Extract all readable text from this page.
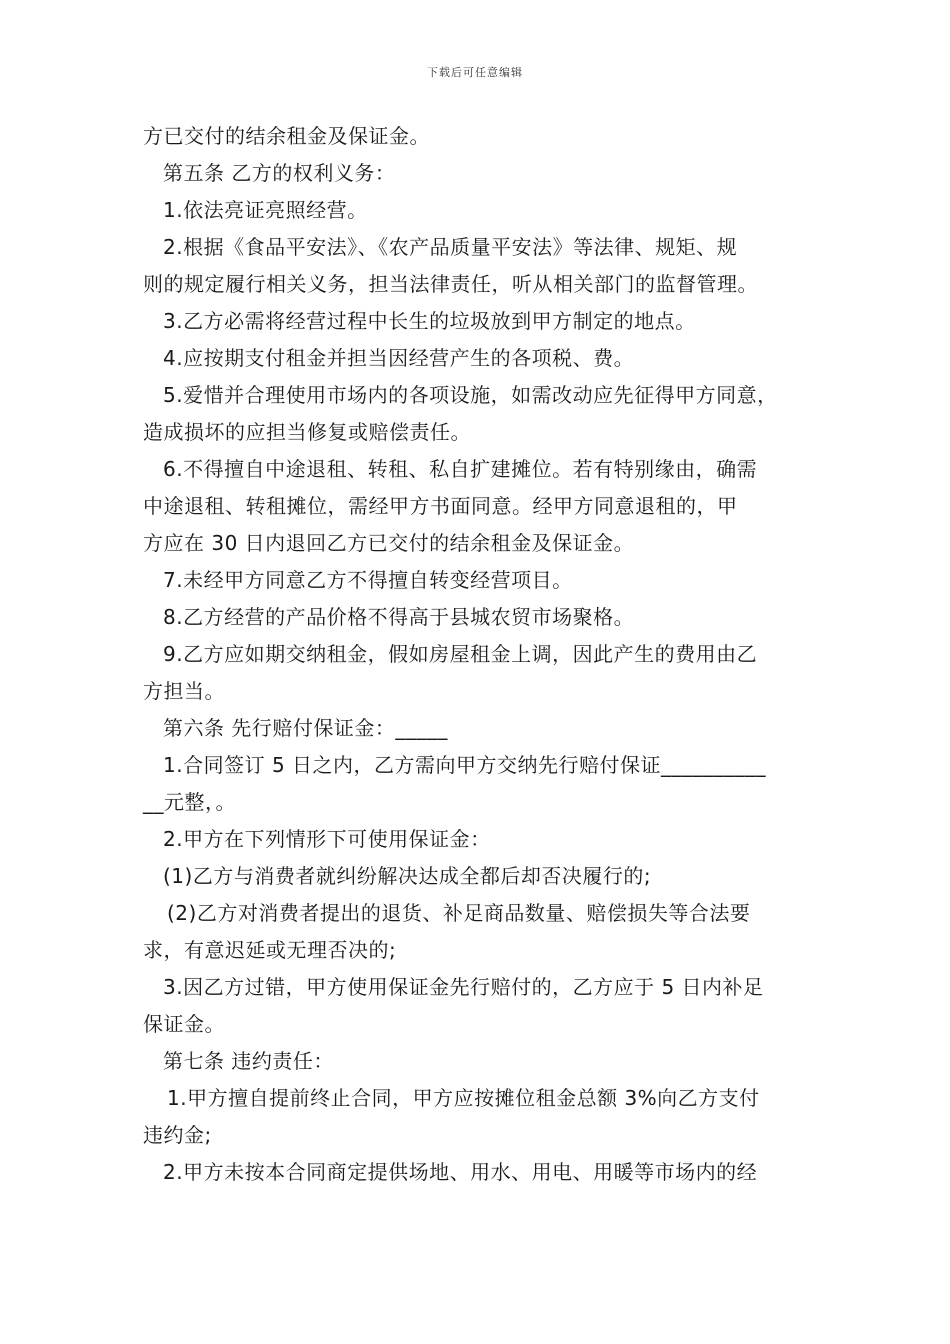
下载后可任意编辑
方已交付的结余租金及保证金。
第五条 乙方的权利义务：
1.依法亮证亮照经营。
2.根据《食品平安法》、《农产品质量平安法》等法律、规矩、规
则的规定履行相关义务，担当法律责任，听从相关部门的监督管理。
3.乙方必需将经营过程中长生的垃圾放到甲方制定的地点。
4.应按期支付租金并担当因经营产生的各项税、费。
5.爱惜并合理使用市场内的各项设施，如需改动应先征得甲方同意，
造成损坏的应担当修复或赔偿责任。
6.不得擅自中途退租、转租、私自扩建摊位。若有特别缘由，确需
中途退租、转租摊位，需经甲方书面同意。经甲方同意退租的，甲
方应在 30 日内退回乙方已交付的结余租金及保证金。
7.未经甲方同意乙方不得擅自转变经营项目。
8.乙方经营的产品价格不得高于县城农贸市场聚格。
9.乙方应如期交纳租金，假如房屋租金上调，因此产生的费用由乙
方担当。
第六条 先行赔付保证金：_____
1.合同签订 5 日之内，乙方需向甲方交纳先行赔付保证__________
__元整，。
2.甲方在下列情形下可使用保证金：
(1)乙方与消费者就纠纷解决达成全都后却否决履行的;
(2)乙方对消费者提出的退货、补足商品数量、赔偿损失等合法要
求，有意迟延或无理否决的;
3.因乙方过错，甲方使用保证金先行赔付的，乙方应于 5 日内补足
保证金。
第七条 违约责任：
1.甲方擅自提前终止合同，甲方应按摊位租金总额 3%向乙方支付
违约金;
2.甲方未按本合同商定提供场地、用水、用电、用暖等市场内的经
